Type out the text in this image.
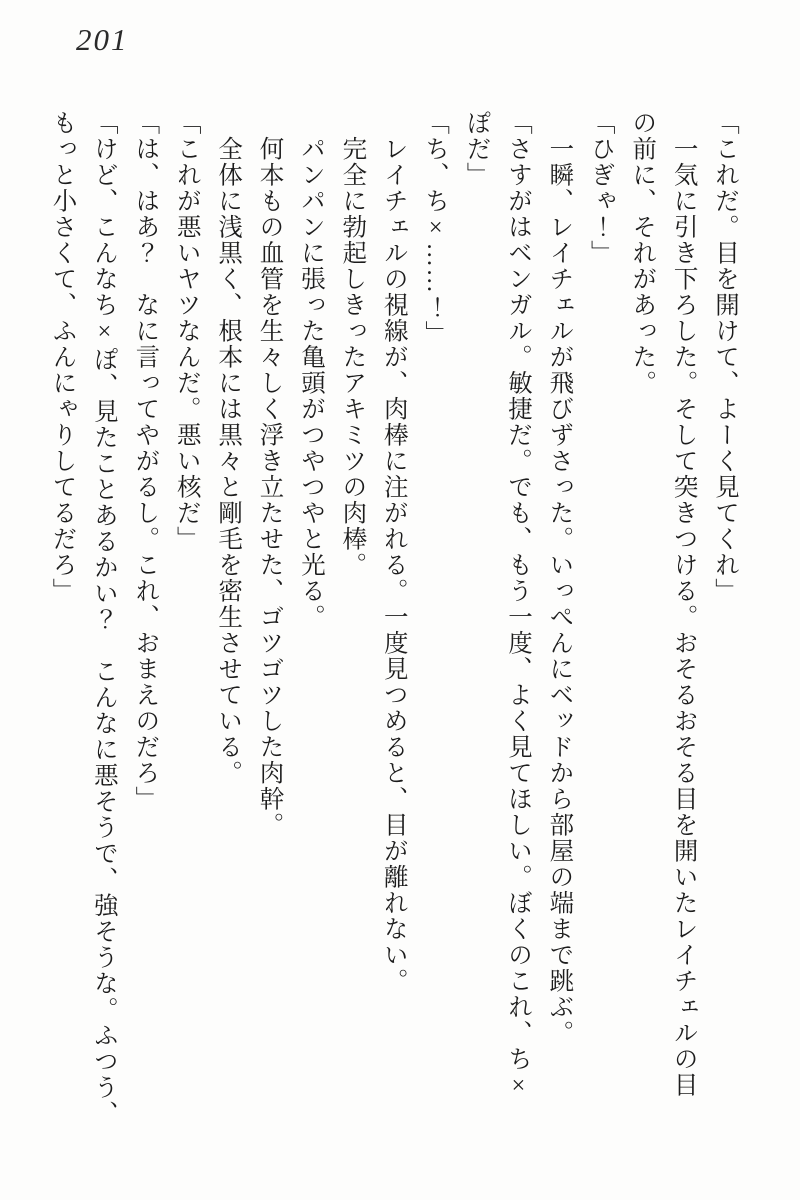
201
「これだ。目を開けて、よーく見てくれ」
一気に引き下ろした。そして突きつける。おそるおそる目を開いたレイチェルの目
の前に、それがあった。
「ひぎゃ！」
一瞬、レイチェルが飛びずさった。いっぺんにベッドから部屋の端まで跳ぶ。
「さすがはベンガル。敏捷だ。でも、もう一度、よく見てほしい。ぼくのこれ、ち×
ぽだ」
「ち、ち×……！」
レイチェルの視線が、肉棒に注がれる。一度見つめると、目が離れない。
完全に勃起しきったアキミツの肉棒。
パンパンに張った亀頭がつやつやと光る。
何本もの血管を生々しく浮き立たせた、ゴツゴツした肉幹。
全体に浅黒く、根本には黒々と剛毛を密生させている。
「これが悪いヤツなんだ。悪い核だ」
「は、はあ？　なに言ってやがるし。これ、おまえのだろ」
「けど、こんなち×ぽ、見たことあるかい？　こんなに悪そうで、強そうな。ふつう、
もっと小さくて、ふんにゃりしてるだろ」
